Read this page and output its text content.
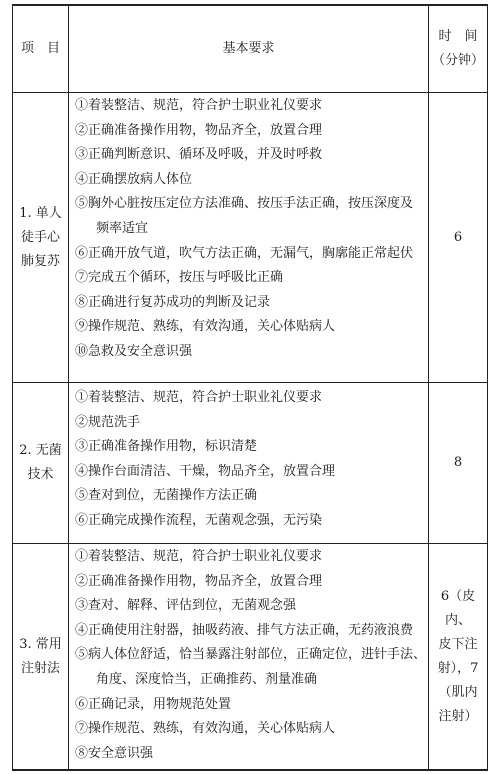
项　目	基本要求
时　间
（分钟）
1. 单人
徒手心
肺复苏
①着装整洁、规范，符合护士职业礼仪要求
②正确准备操作用物，物品齐全，放置合理
③正确判断意识、循环及呼吸，并及时呼救
④正确摆放病人体位
⑤胸外心脏按压定位方法准确、按压手法正确，按压深度及
频率适宜
⑥正确开放气道，吹气方法正确，无漏气，胸廓能正常起伏
⑦完成五个循环，按压与呼吸比正确
⑧正确进行复苏成功的判断及记录
⑨操作规范、熟练，有效沟通，关心体贴病人
⑩急救及安全意识强
6
2. 无菌
技术
①着装整洁、规范，符合护士职业礼仪要求
②规范洗手
③正确准备操作用物，标识清楚
④操作台面清洁、干燥，物品齐全，放置合理
⑤查对到位，无菌操作方法正确
⑥正确完成操作流程，无菌观念强，无污染
8
3. 常用
注射法
①着装整洁、规范，符合护士职业礼仪要求
②正确准备操作用物，物品齐全，放置合理
③查对、解释、评估到位，无菌观念强
④正确使用注射器，抽吸药液、排气方法正确，无药液浪费
⑤病人体位舒适，恰当暴露注射部位，正确定位，进针手法、
角度、深度恰当，正确推药、剂量准确
⑥正确记录，用物规范处置
⑦操作规范、熟练，有效沟通，关心体贴病人
⑧安全意识强
6（皮内、
皮下注
射），7
（肌内
注射）
